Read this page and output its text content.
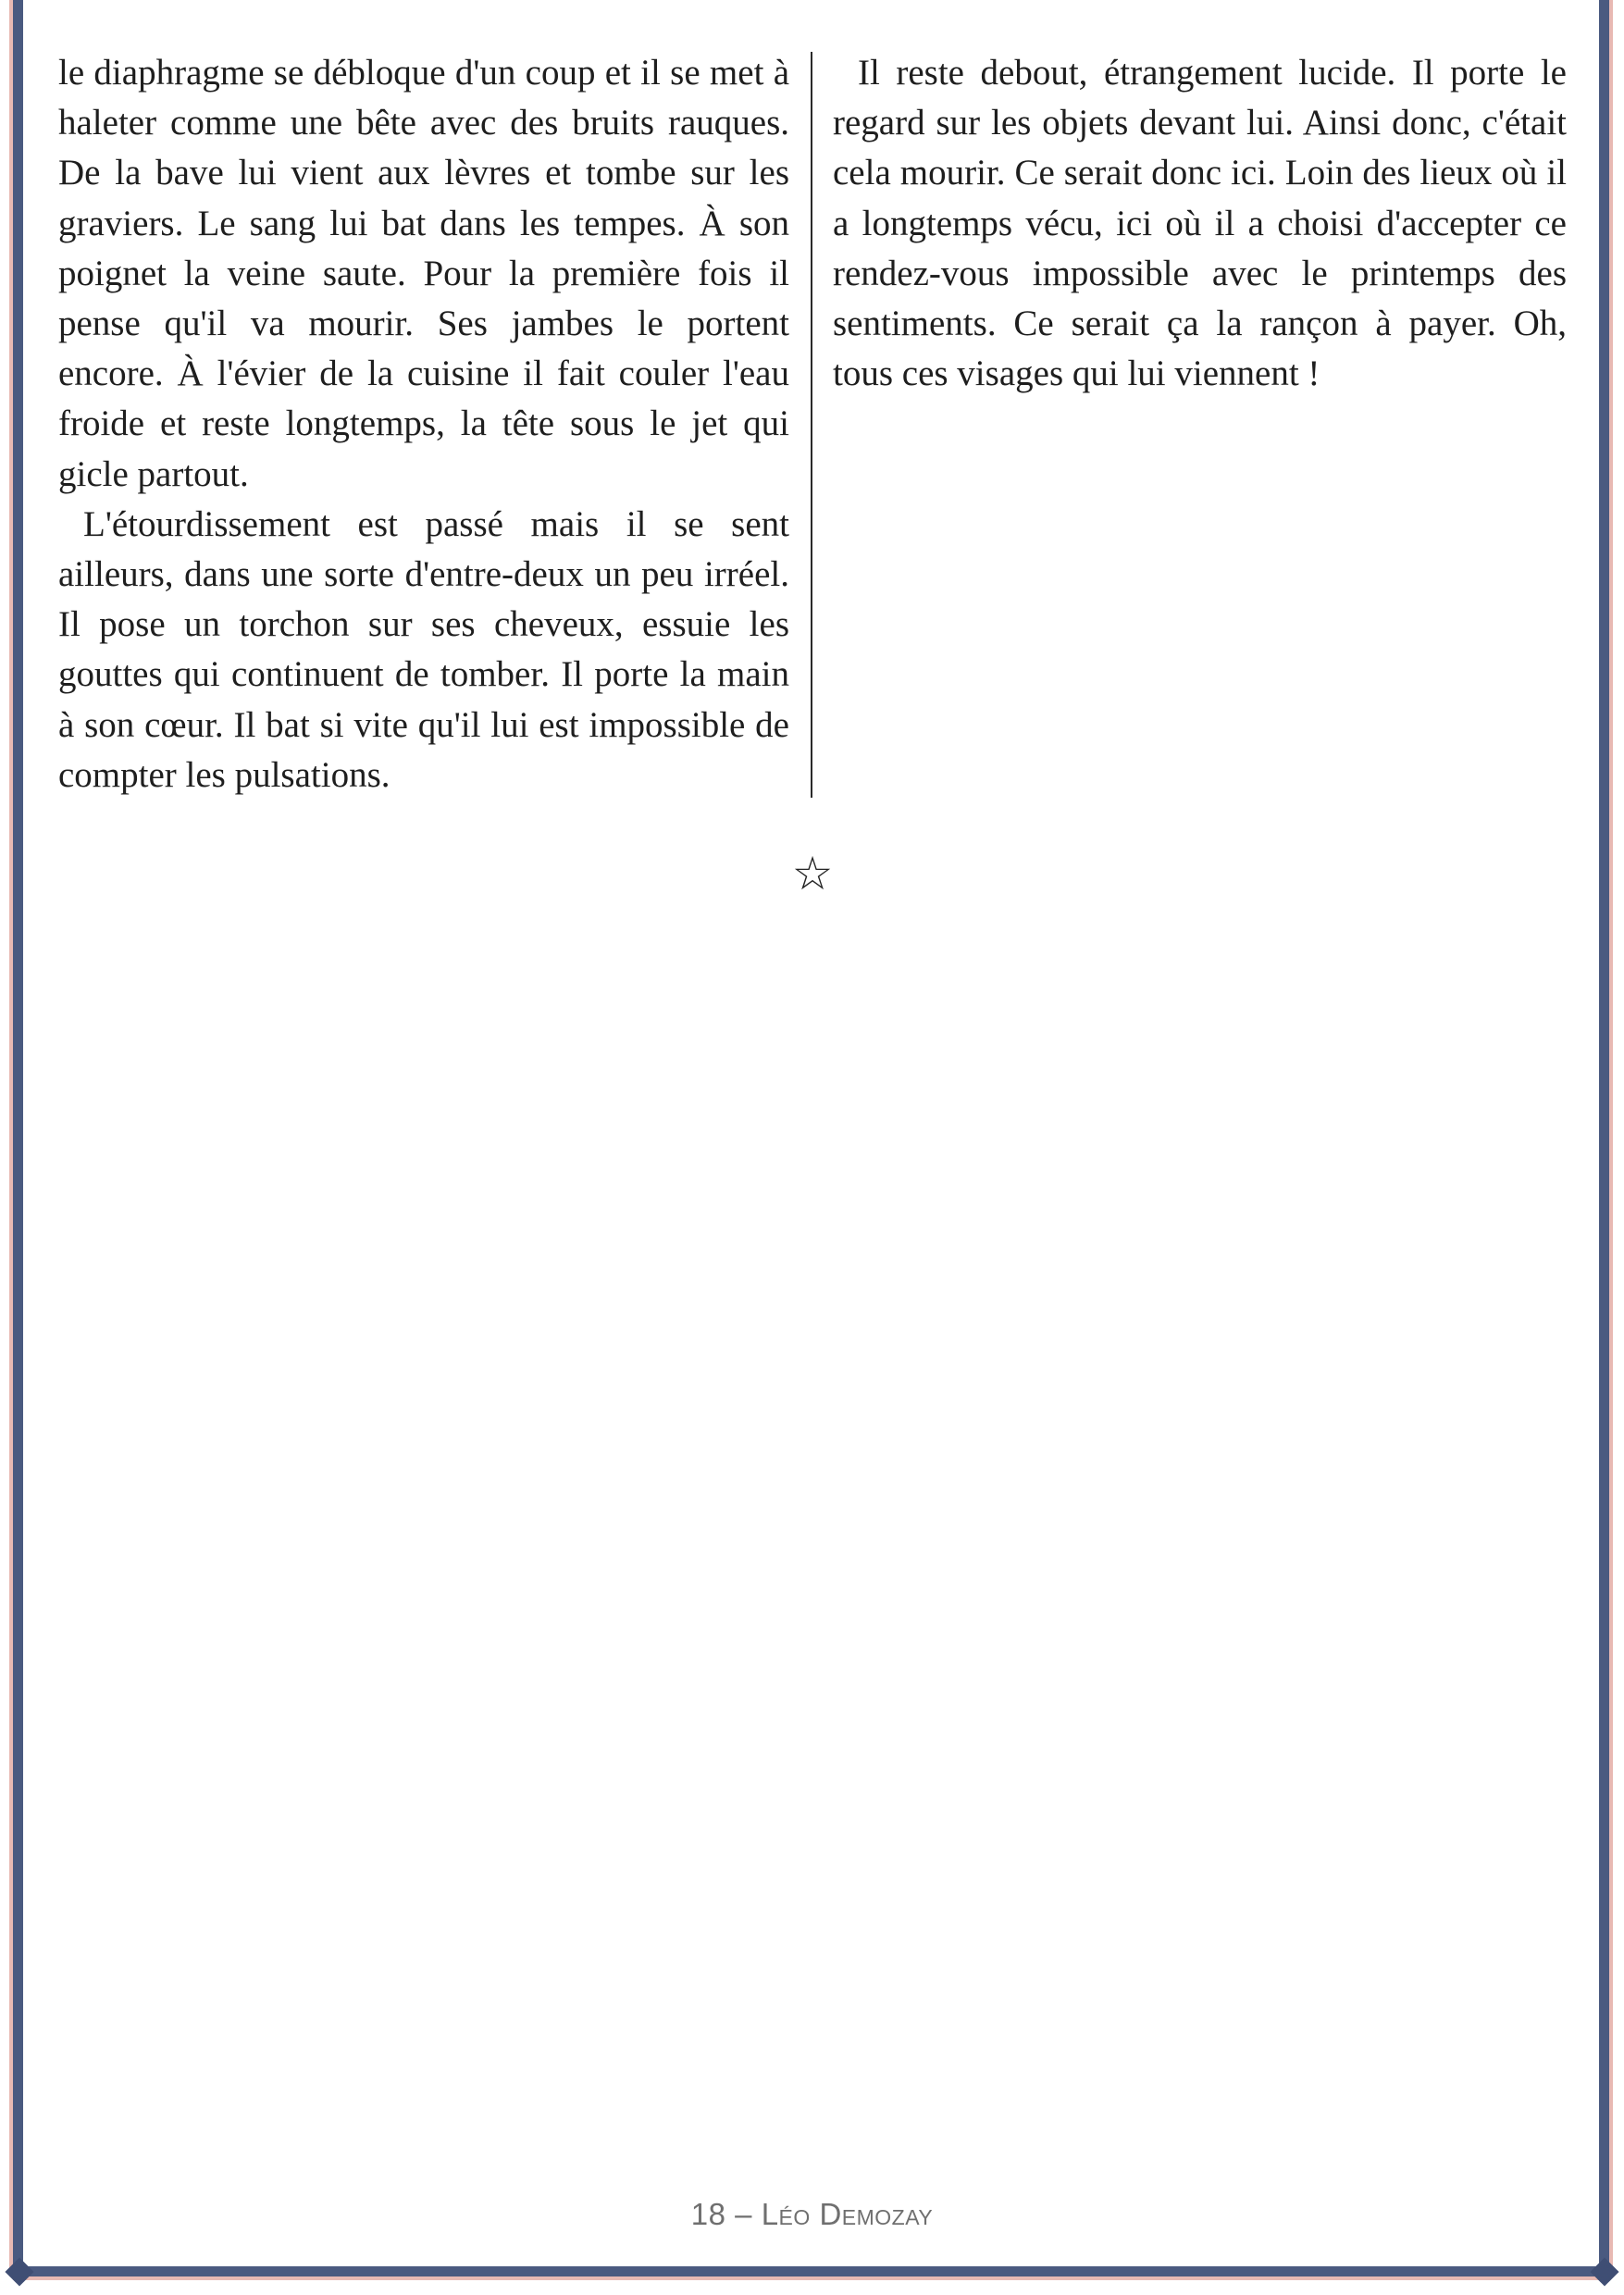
le diaphragme se débloque d'un coup et il se met à haleter comme une bête avec des bruits rauques. De la bave lui vient aux lèvres et tombe sur les graviers. Le sang lui bat dans les tempes. À son poignet la veine saute. Pour la première fois il pense qu'il va mourir. Ses jambes le portent encore. À l'évier de la cuisine il fait couler l'eau froide et reste longtemps, la tête sous le jet qui gicle partout.

L'étourdissement est passé mais il se sent ailleurs, dans une sorte d'entre-deux un peu irréel. Il pose un torchon sur ses cheveux, essuie les gouttes qui continuent de tomber. Il porte la main à son cœur. Il bat si vite qu'il lui est impossible de compter les pulsations.

Il reste debout, étrangement lucide. Il porte le regard sur les objets devant lui. Ainsi donc, c'était cela mourir. Ce serait donc ici. Loin des lieux où il a longtemps vécu, ici où il a choisi d'accepter ce rendez-vous impossible avec le printemps des sentiments. Ce serait ça la rançon à payer. Oh, tous ces visages qui lui viennent !

☆
18 – Léo Demozay
